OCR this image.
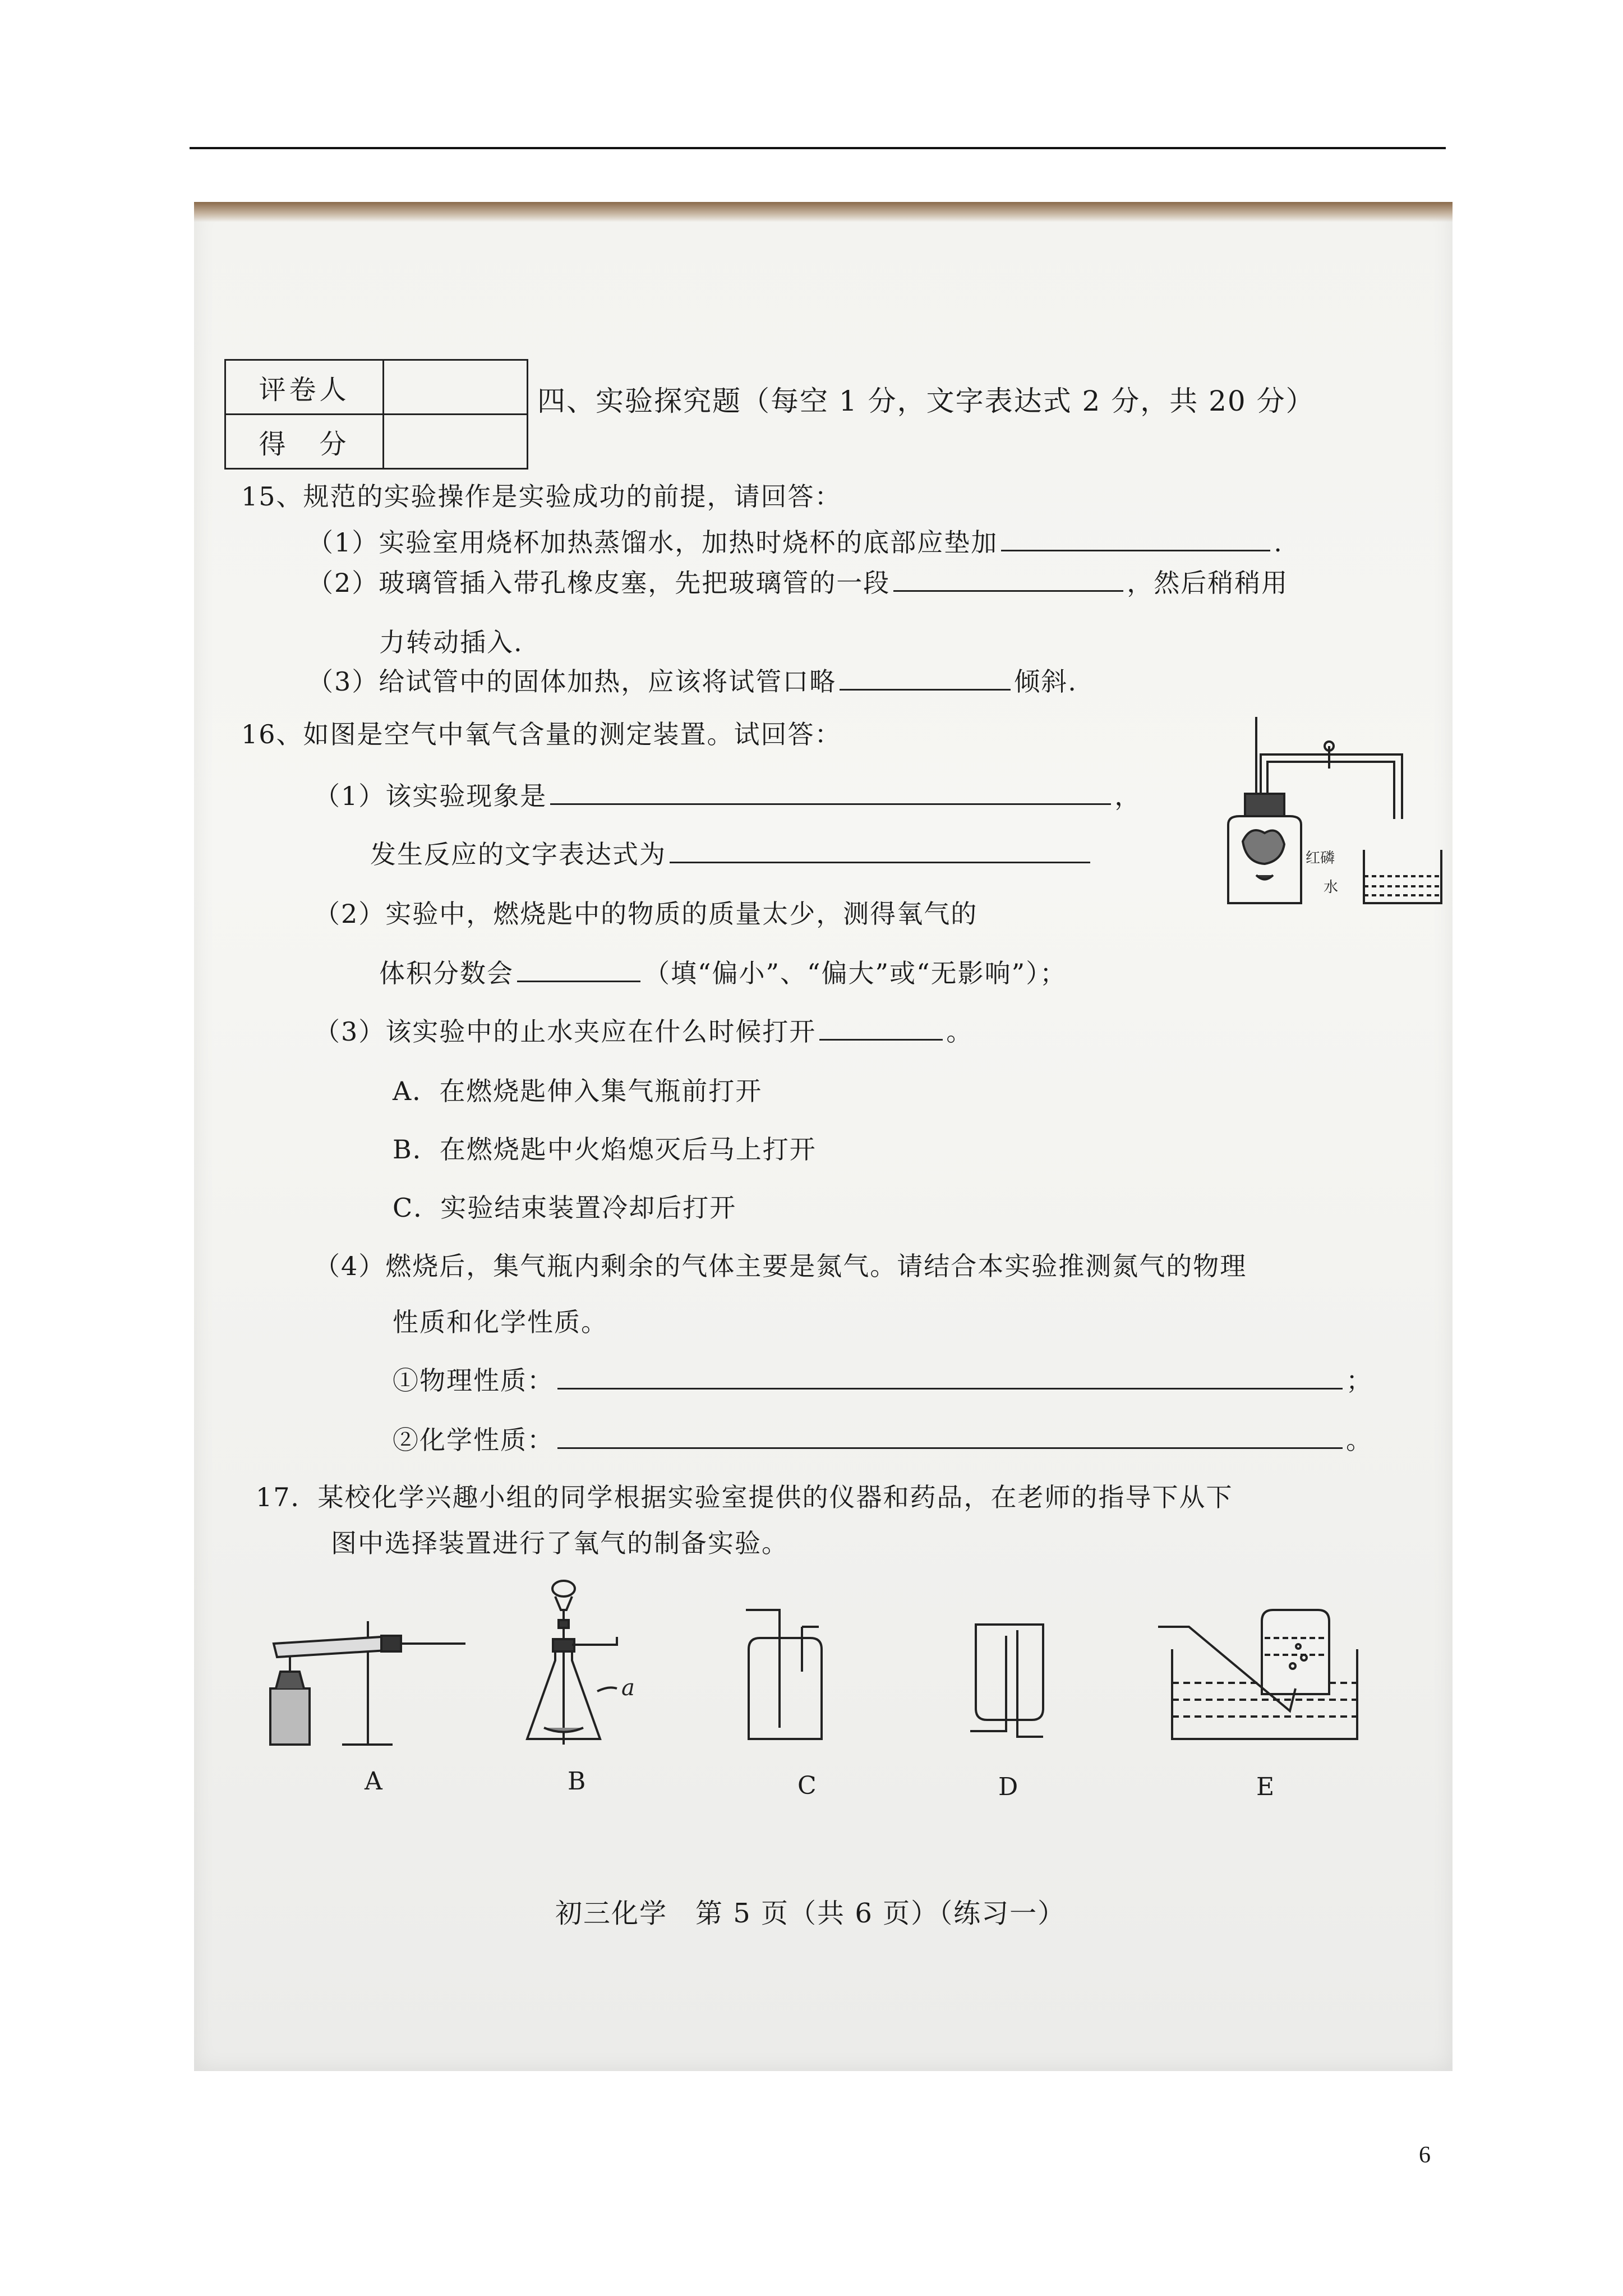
评卷人	
得　分	
四、实验探究题（每空 1 分，文字表达式 2 分，共 20 分）
15、规范的实验操作是实验成功的前提，请回答：
（1）实验室用烧杯加热蒸馏水，加热时烧杯的底部应垫加	.
（2）玻璃管插入带孔橡皮塞，先把玻璃管的一段	，然后稍稍用
力转动插入.
（3）给试管中的固体加热，应该将试管口略	倾斜.
16、如图是空气中氧气含量的测定装置。试回答：
（1）该实验现象是	，
发生反应的文字表达式为	红磷
水
（2）实验中，燃烧匙中的物质的质量太少，测得氧气的
体积分数会	（填“偏小”、“偏大”或“无影响”）；
（3）该实验中的止水夹应在什么时候打开	。
A．在燃烧匙伸入集气瓶前打开
B．在燃烧匙中火焰熄灭后马上打开
C．实验结束装置冷却后打开
（4）燃烧后，集气瓶内剩余的气体主要是氮气。请结合本实验推测氮气的物理
性质和化学性质。
①物理性质：	；
②化学性质：	。
17．某校化学兴趣小组的同学根据实验室提供的仪器和药品，在老师的指导下从下
图中选择装置进行了氧气的制备实验。
A
a
B	C	D	E
初三化学　第 5 页（共 6 页）（练习一）
6
